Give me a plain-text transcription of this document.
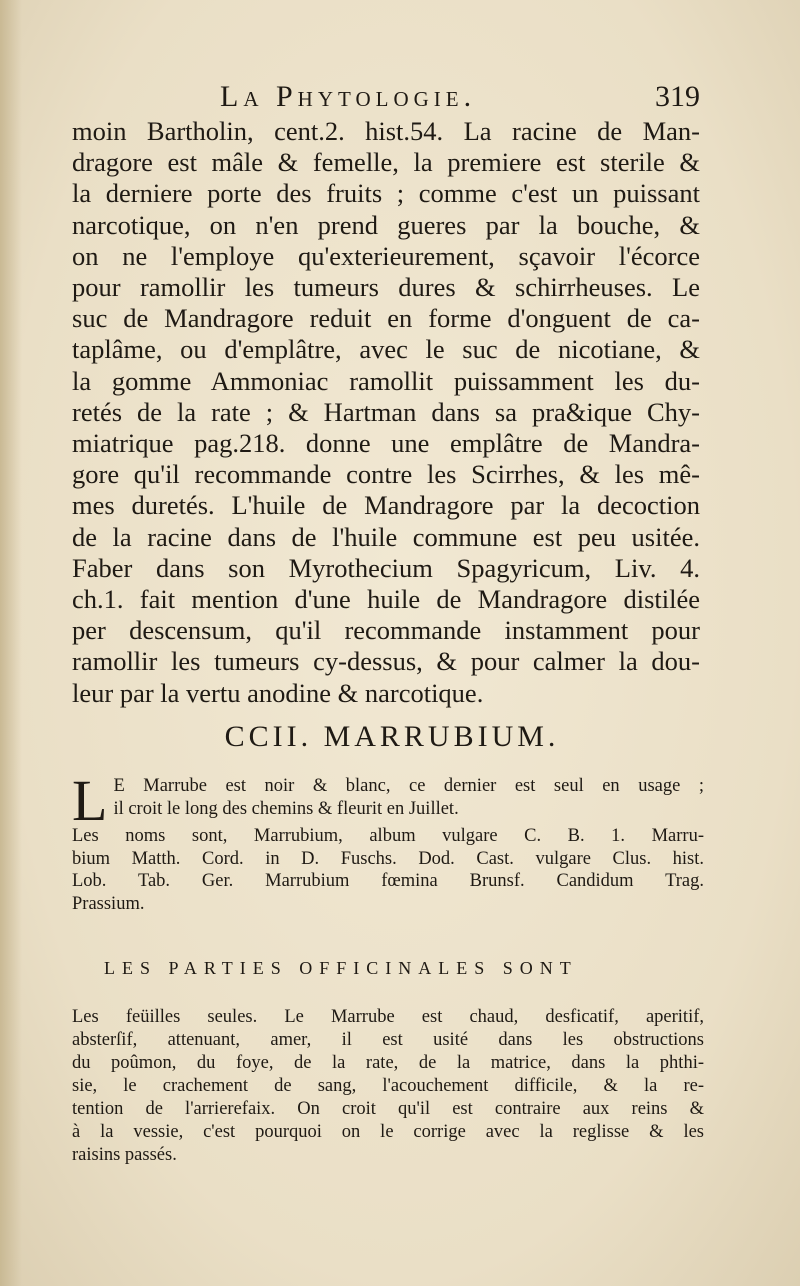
La Phytologie.	319
moin Bartholin, cent.2. hist.54. La racine de Man-
dragore est mâle & femelle, la premiere est sterile &
la derniere porte des fruits ; comme c'est un puissant
narcotique, on n'en prend gueres par la bouche, &
on ne l'employe qu'exterieurement, sçavoir l'écorce
pour ramollir les tumeurs dures & schirrheuses. Le
suc de Mandragore reduit en forme d'onguent de ca-
taplâme, ou d'emplâtre, avec le suc de nicotiane, &
la gomme Ammoniac ramollit puissamment les du-
retés de la rate ; & Hartman dans sa pra&ique Chy-
miatrique pag.218. donne une emplâtre de Mandra-
gore qu'il recommande contre les Scirrhes, & les mê-
mes duretés. L'huile de Mandragore par la decoction
de la racine dans de l'huile commune est peu usitée.
Faber dans son Myrothecium Spagyricum, Liv. 4.
ch.1. fait mention d'une huile de Mandragore distilée
per descensum, qu'il recommande instamment pour
ramollir les tumeurs cy-dessus, & pour calmer la dou-
leur par la vertu anodine & narcotique.
CCII. MARRUBIUM.
L E Marrube est noir & blanc, ce dernier est seul en usage ;
il croit le long des chemins & fleurit en Juillet.
Les noms sont, Marrubium, album vulgare C. B. 1. Marru-
bium Matth. Cord. in D. Fuschs. Dod. Cast. vulgare Clus. hist.
Lob. Tab. Ger. Marrubium fœmina Brunsf. Candidum Trag.
Prassium.
LES PARTIES OFFICINALES SONT
Les feüilles seules. Le Marrube est chaud, desficatif, aperitif,
absterſif, attenuant, amer, il est usité dans les obstructions
du poûmon, du foye, de la rate, de la matrice, dans la phthi-
sie, le crachement de sang, l'acouchement difficile, & la re-
tention de l'arrierefaix. On croit qu'il est contraire aux reins &
à la vessie, c'est pourquoi on le corrige avec la reglisse & les
raisins passés.
